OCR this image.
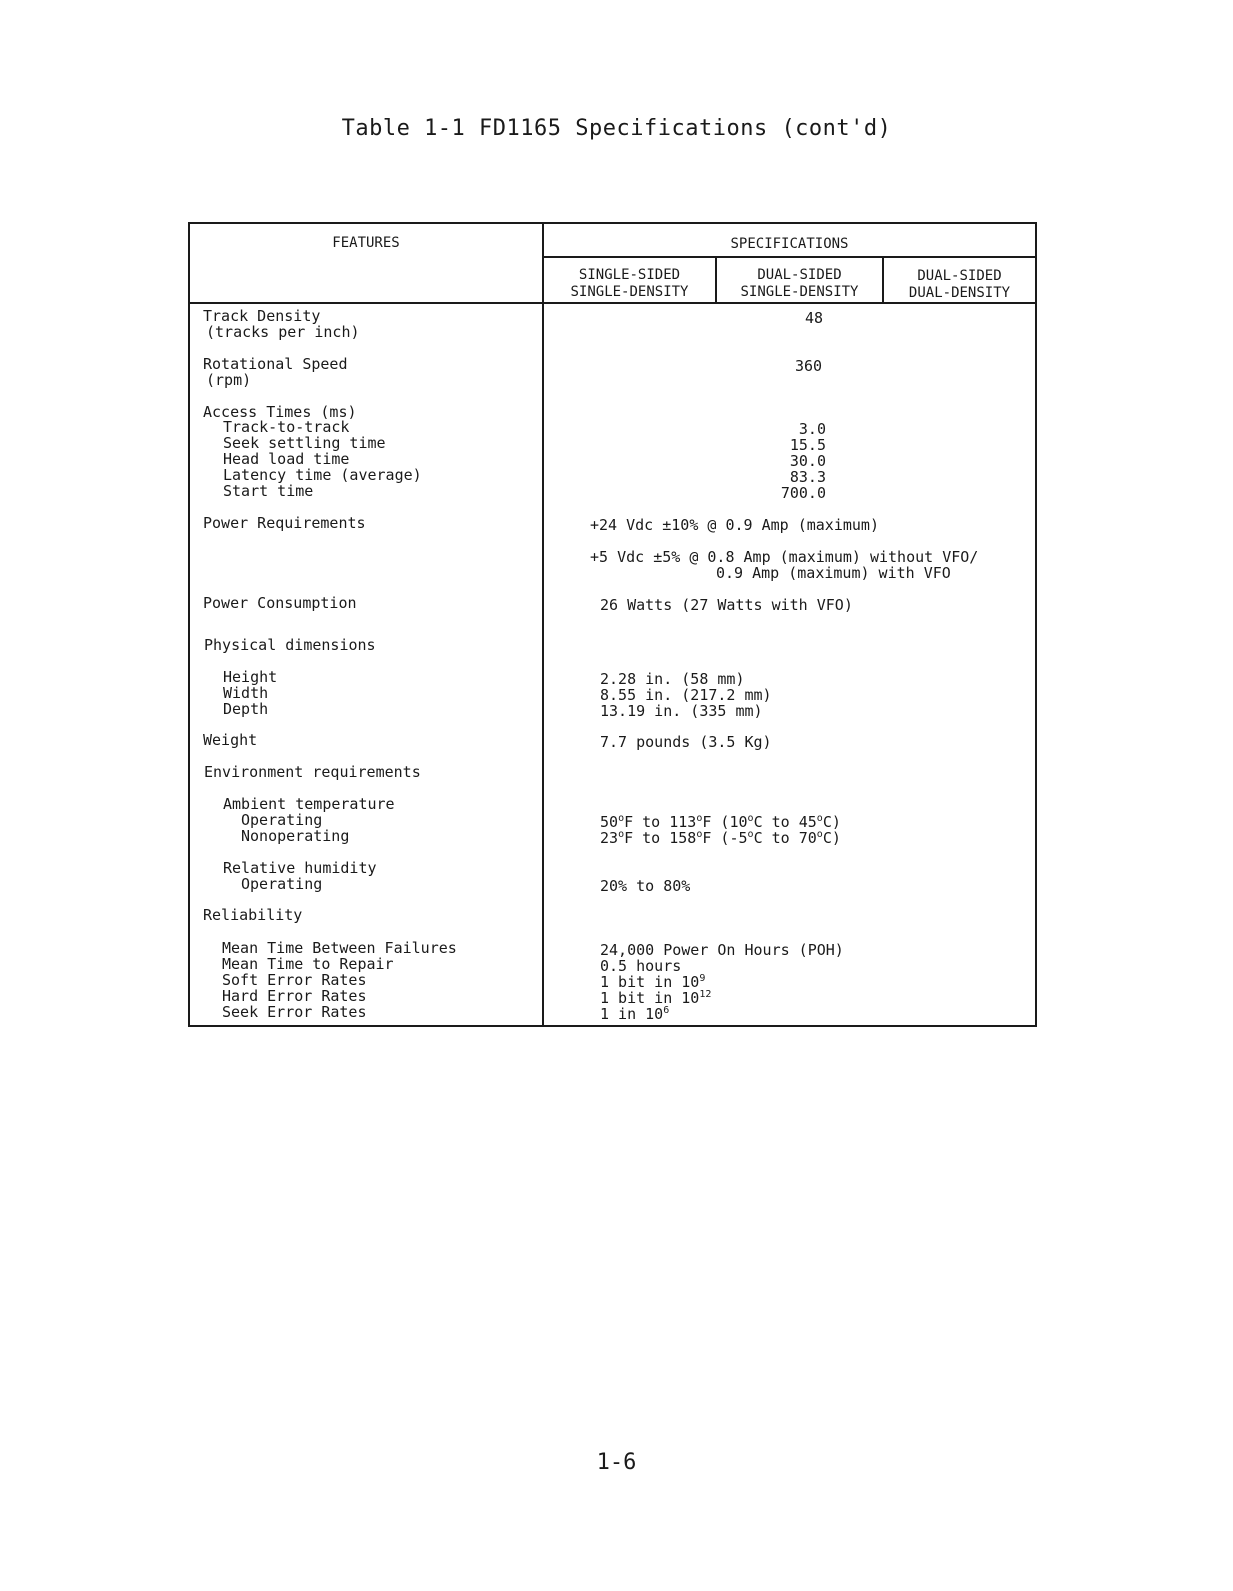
Table 1-1 FD1165 Specifications (cont'd)
FEATURES	SPECIFICATIONS
SINGLE-SIDED
SINGLE-DENSITY
DUAL-SIDED
SINGLE-DENSITY
DUAL-SIDED
DUAL-DENSITY
Track Density
(tracks per inch)
Rotational Speed
(rpm)
Access Times (ms)
Track-to-track
Seek settling time
Head load time
Latency time (average)
Start time
Power Requirements
Power Consumption
Physical dimensions
Height
Width
Depth
Weight
Environment requirements
Ambient temperature
Operating
Nonoperating
Relative humidity
Operating
Reliability
Mean Time Between Failures
Mean Time to Repair
Soft Error Rates
Hard Error Rates
Seek Error Rates
48
360
3.0
15.5
30.0
83.3
700.0
+24 Vdc ±10% @ 0.9 Amp (maximum)
+5 Vdc ±5% @ 0.8 Amp (maximum) without VFO/
0.9 Amp (maximum) with VFO
26 Watts (27 Watts with VFO)
2.28 in. (58 mm)
8.55 in. (217.2 mm)
13.19 in. (335 mm)
7.7 pounds (3.5 Kg)
50$^o$F to 113$^o$F (10$^o$C to 45$^o$C)
23$^o$F to 158$^o$F (-5$^o$C to 70$^o$C)
20% to 80%
24,000 Power On Hours (POH)
0.5 hours
1 bit in $10^9$
1 bit in $10^{12}$
1 in $10^6$
1-6
